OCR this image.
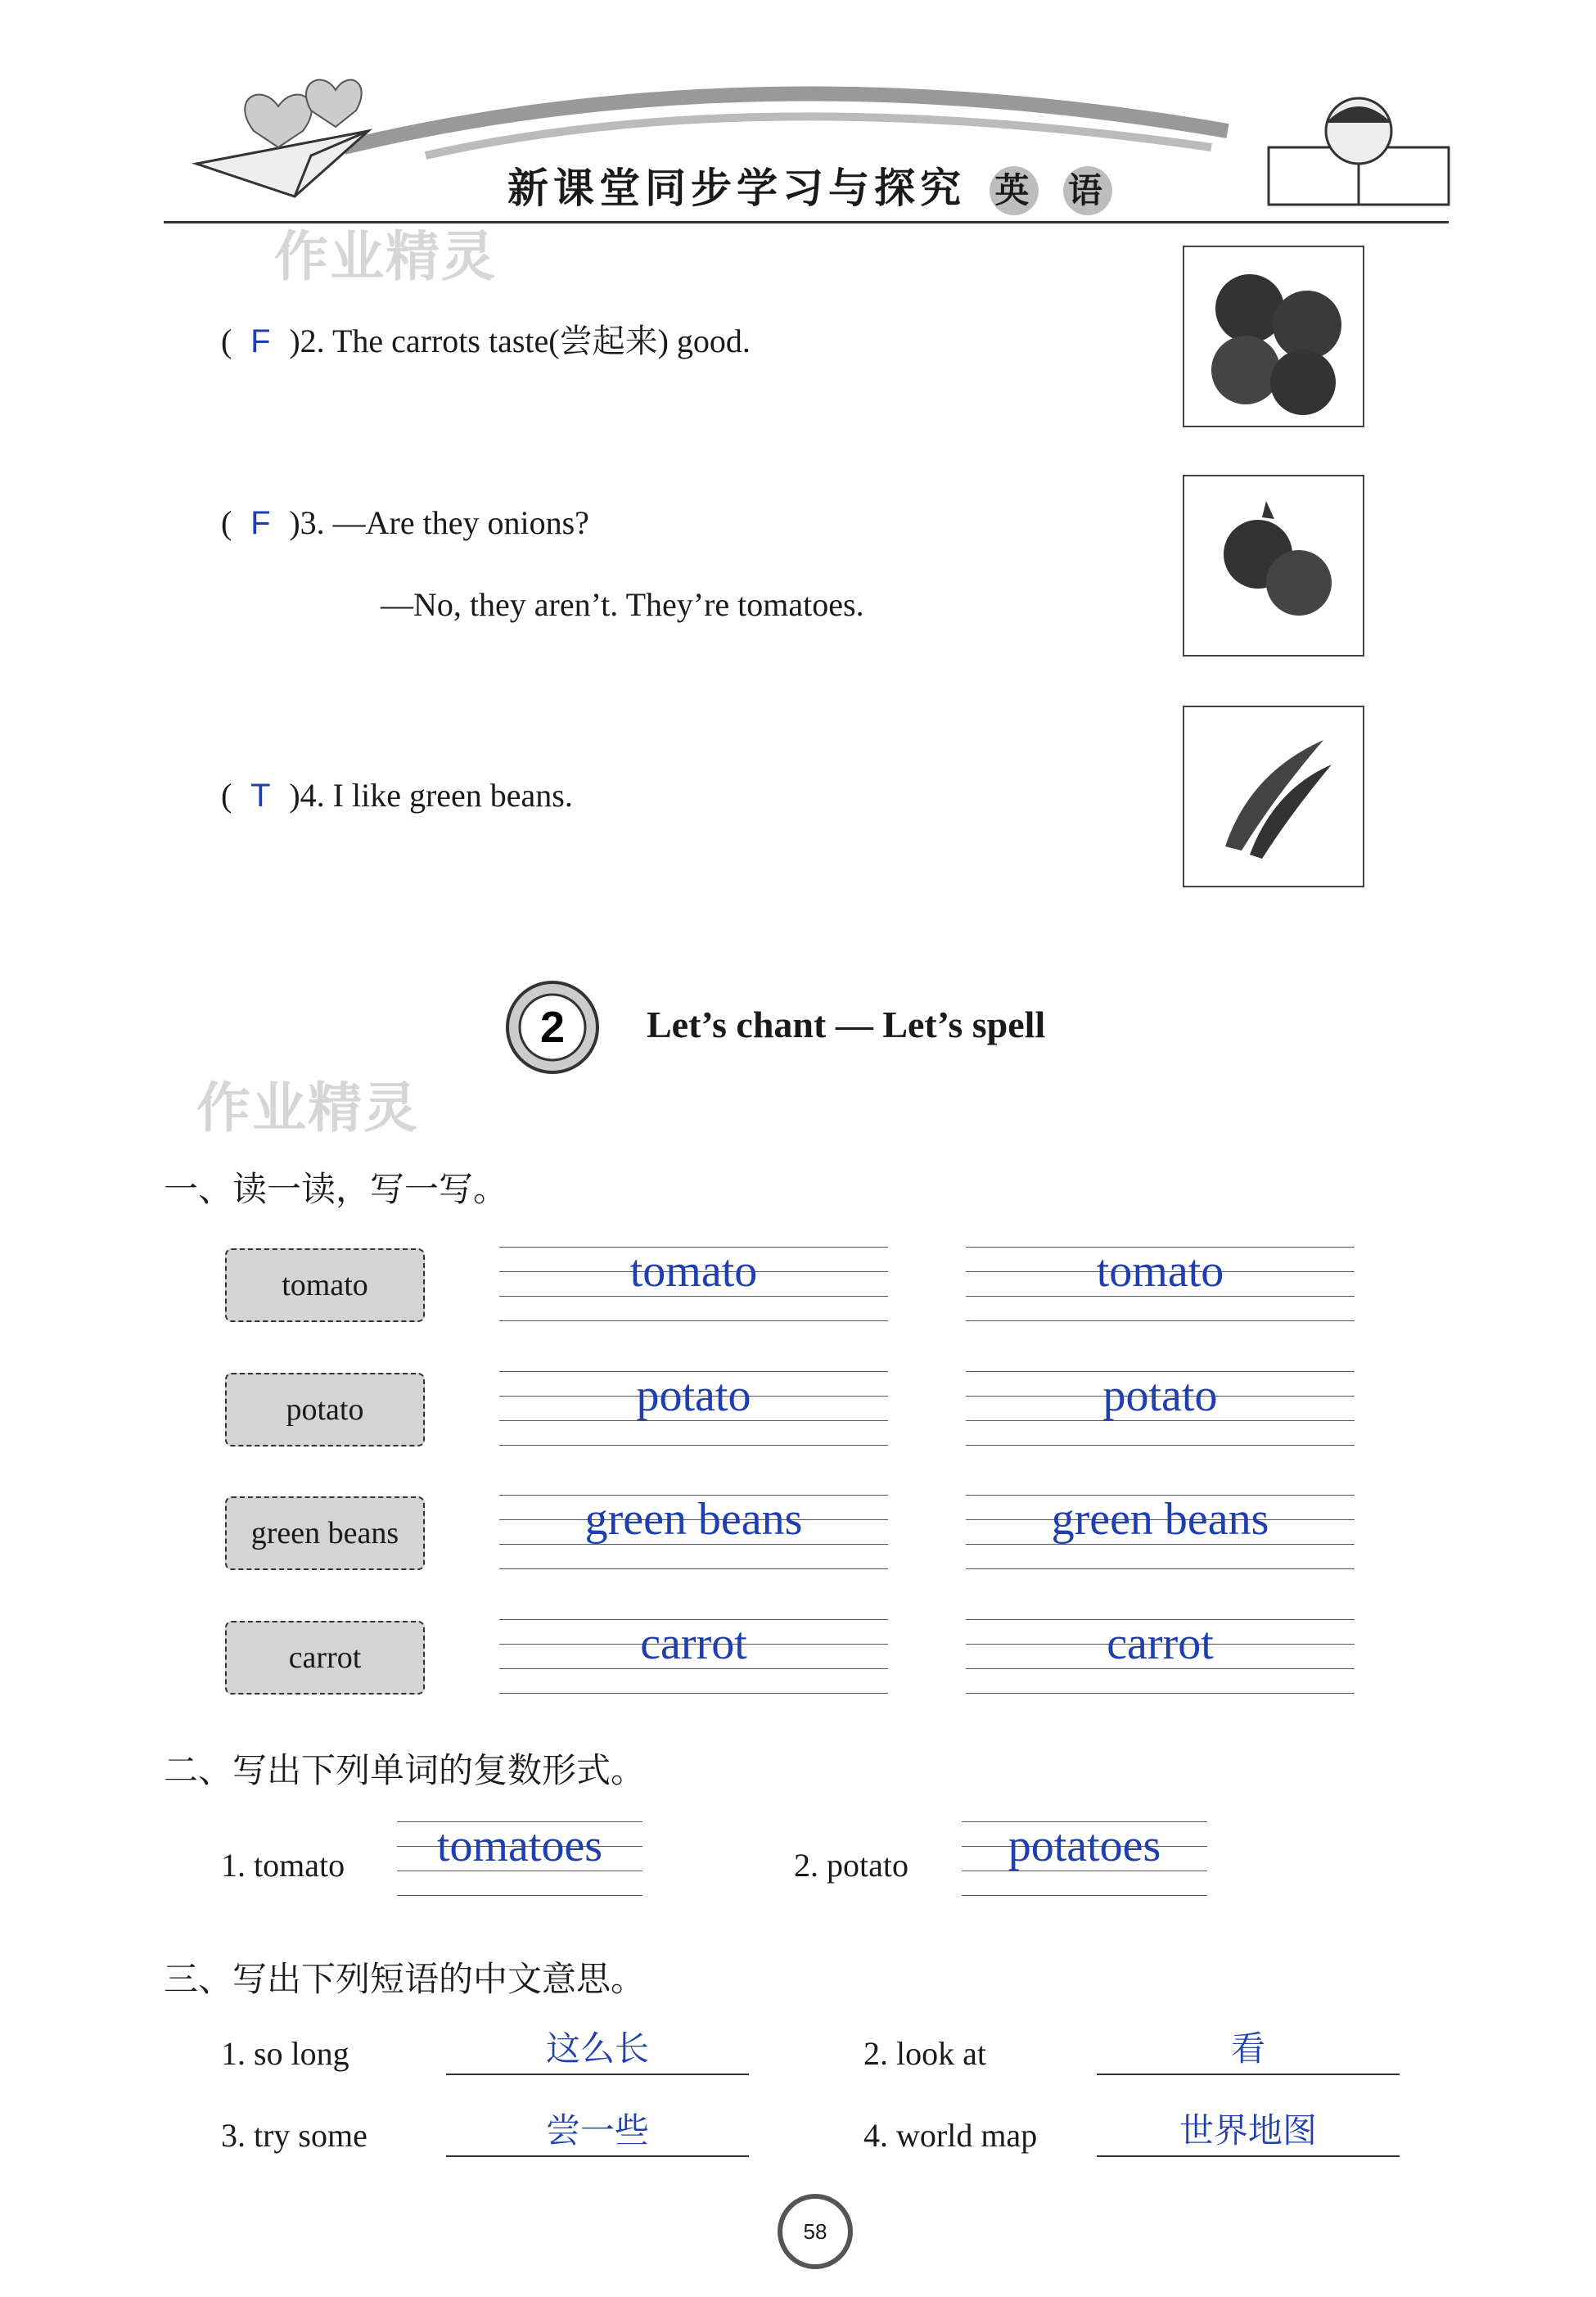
新课堂同步学习与探究 英 语
作业精灵
( F )2. The carrots taste(尝起来) good.
( F )3. —Are they onions?
—No, they aren’t. They’re tomatoes.
( T )4. I like green beans.
2 Let’s chant — Let’s spell
作业精灵
一、读一读，写一写。
tomato	tomato	tomato
potato	potato	potato
green beans	green beans	green beans
carrot	carrot	carrot
二、写出下列单词的复数形式。
1. tomato	tomatoes	2. potato	potatoes
三、写出下列短语的中文意思。
1. so long	这么长	2. look at	看
3. try some	尝一些	4. world map	世界地图
58
